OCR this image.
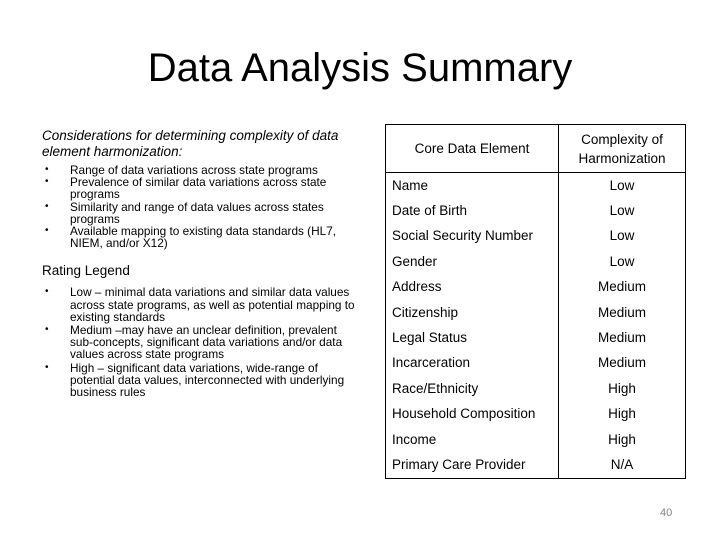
Data Analysis Summary

Considerations for determining complexity of data element harmonization:

• Range of data variations across state programs
• Prevalence of similar data variations across state programs
• Similarity and range of data values across states programs
• Available mapping to existing data standards (HL7, NIEM, and/or X12)

Rating Legend

• Low – minimal data variations and similar data values across state programs, as well as potential mapping to existing standards
• Medium –may have an unclear definition, prevalent sub-concepts, significant data variations and/or data values across state programs
• High – significant data variations, wide-range of potential data values, interconnected with underlying business rules
Core Data Element	Complexity of Harmonization
Name	Low
Date of Birth	Low
Social Security Number	Low
Gender	Low
Address	Medium
Citizenship	Medium
Legal Status	Medium
Incarceration	Medium
Race/Ethnicity	High
Household Composition	High
Income	High
Primary Care Provider	N/A
40
